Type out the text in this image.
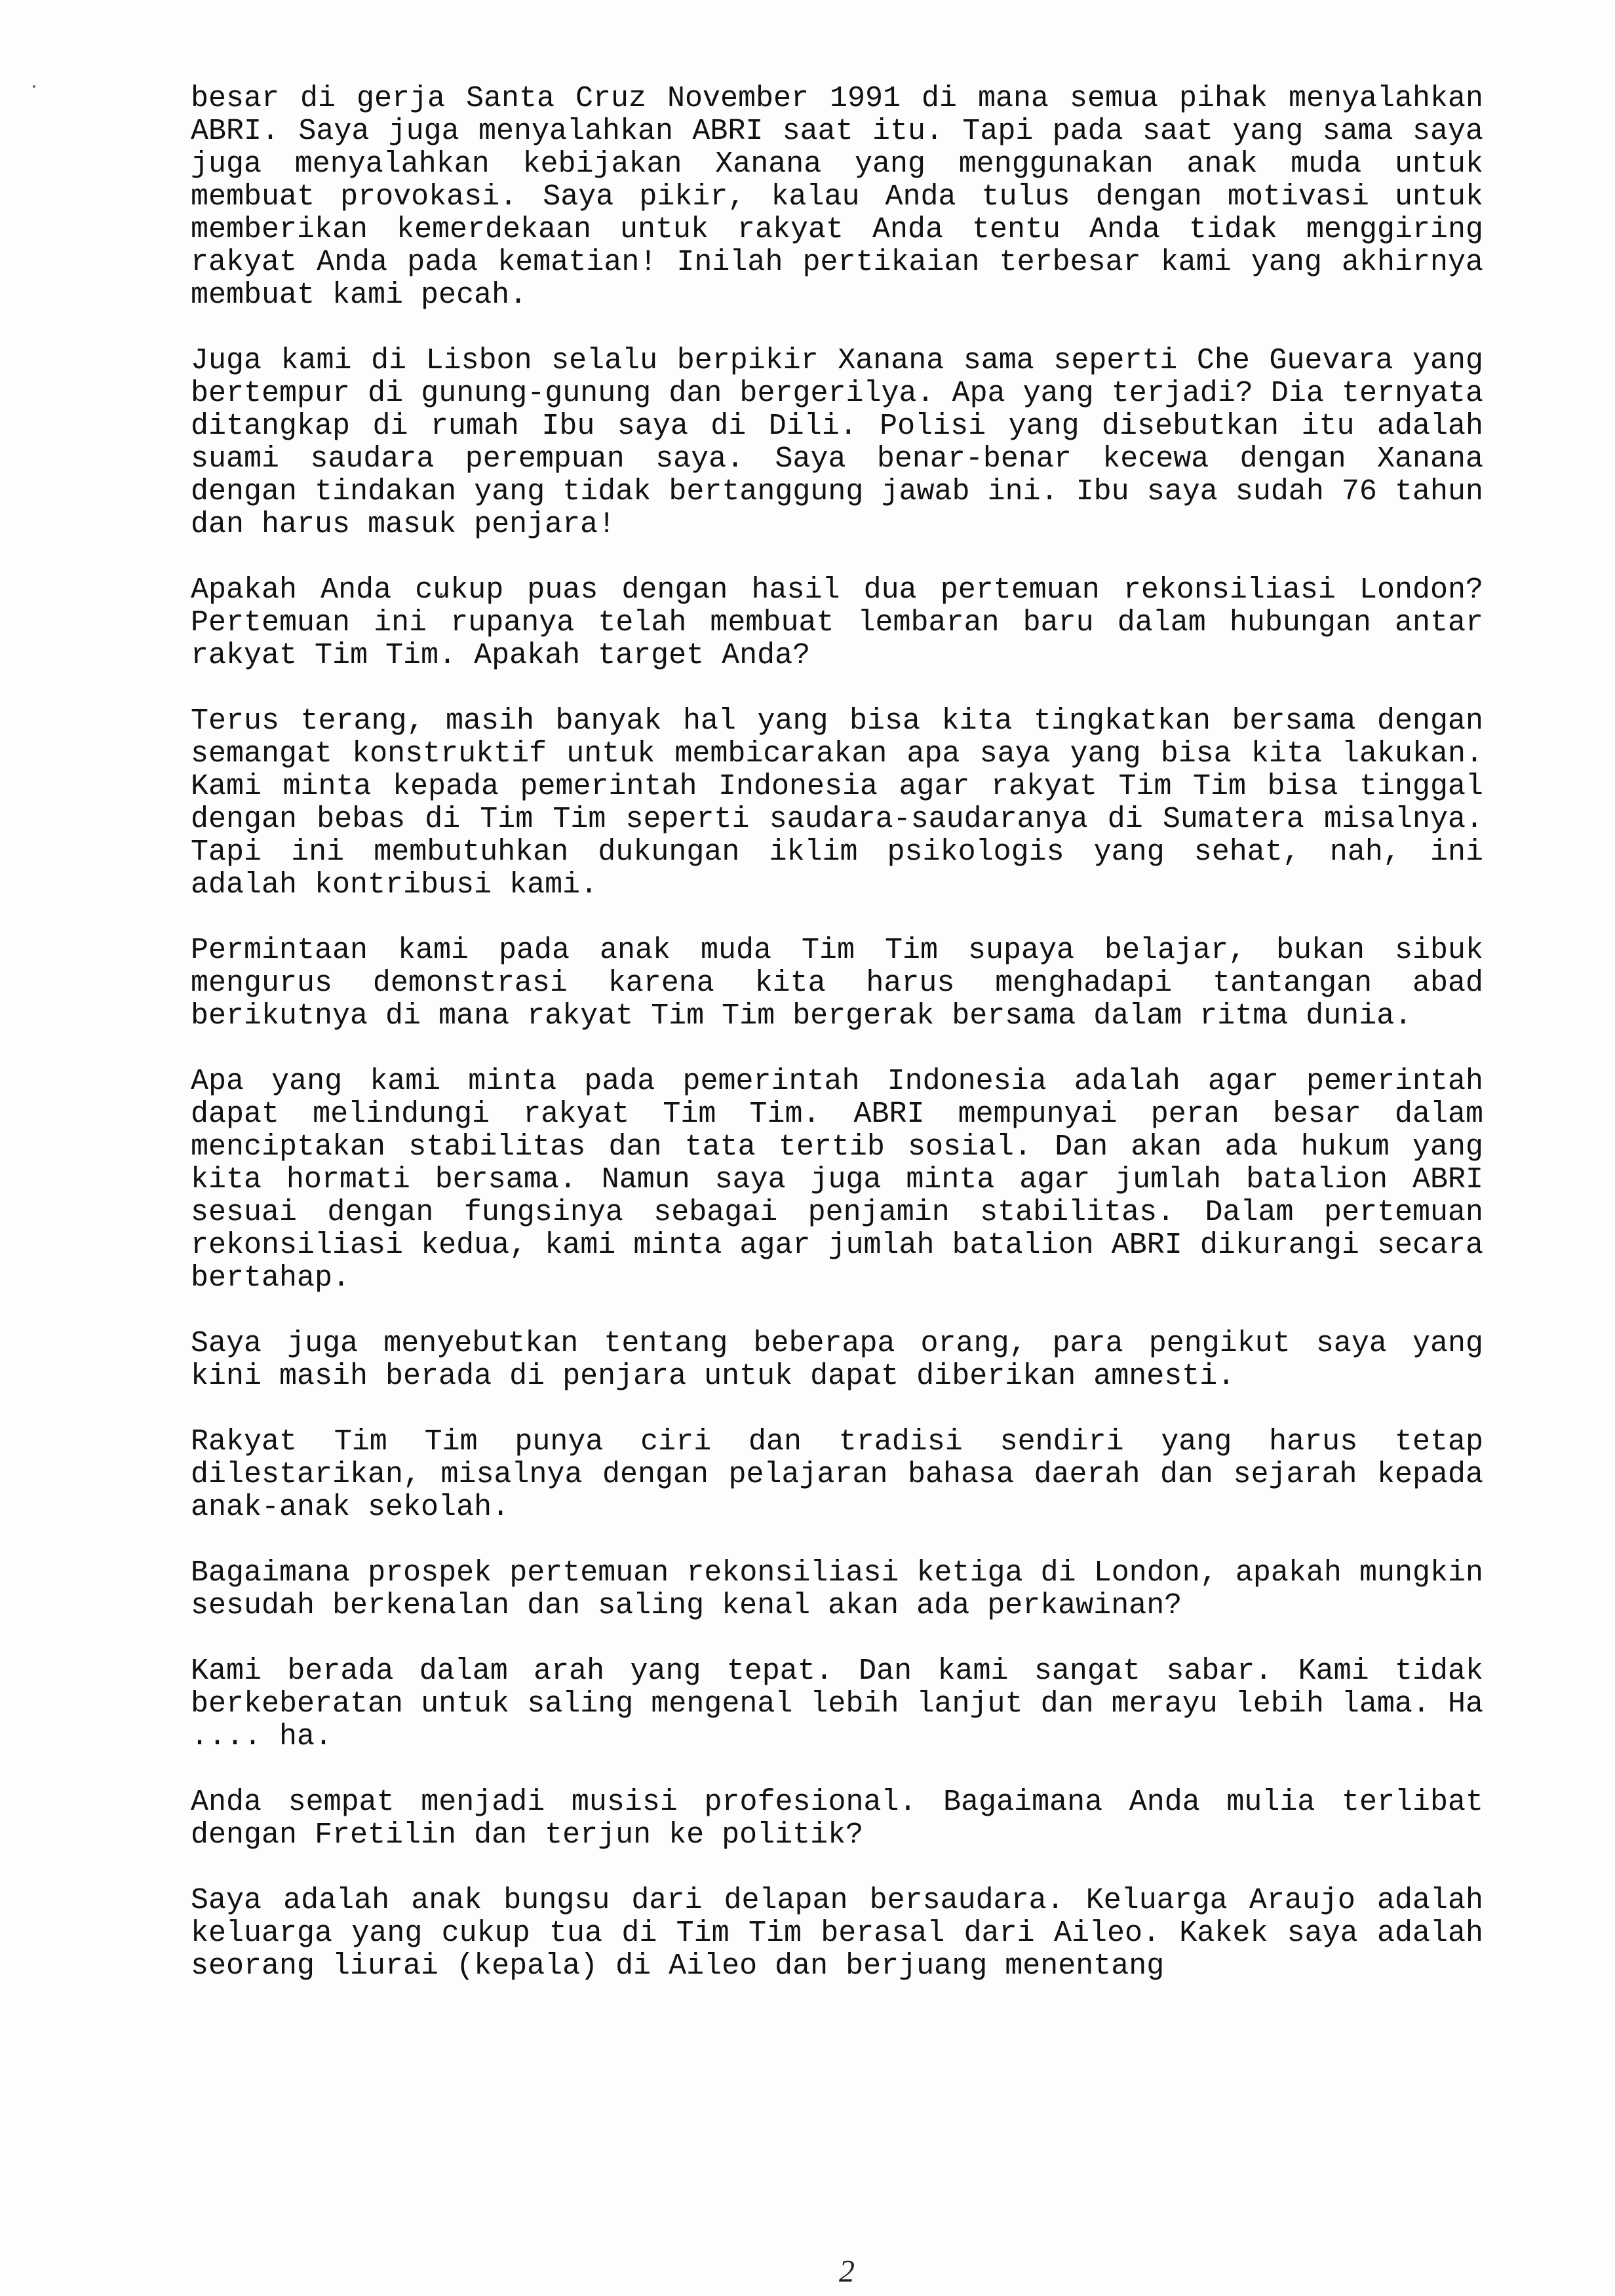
besar di gerja Santa Cruz November 1991 di mana semua pihak menyalahkan ABRI. Saya juga menyalahkan ABRI saat itu. Tapi pada saat yang sama saya juga menyalahkan kebijakan Xanana yang menggunakan anak muda untuk membuat provokasi. Saya pikir, kalau Anda tulus dengan motivasi untuk memberikan kemerdekaan untuk rakyat Anda tentu Anda tidak menggiring rakyat Anda pada kematian! Inilah pertikaian terbesar kami yang akhirnya membuat kami pecah.

Juga kami di Lisbon selalu berpikir Xanana sama seperti Che Guevara yang bertempur di gunung-gunung dan bergerilya. Apa yang terjadi? Dia ternyata ditangkap di rumah Ibu saya di Dili. Polisi yang disebutkan itu adalah suami saudara perempuan saya. Saya benar-benar kecewa dengan Xanana dengan tindakan yang tidak bertanggung jawab ini. Ibu saya sudah 76 tahun dan harus masuk penjara!

Apakah Anda cukup puas dengan hasil dua pertemuan rekonsiliasi London? Pertemuan ini rupanya telah membuat lembaran baru dalam hubungan antar rakyat Tim Tim. Apakah target Anda?

Terus terang, masih banyak hal yang bisa kita tingkatkan bersama dengan semangat konstruktif untuk membicarakan apa saya yang bisa kita lakukan. Kami minta kepada pemerintah Indonesia agar rakyat Tim Tim bisa tinggal dengan bebas di Tim Tim seperti saudara-saudaranya di Sumatera misalnya. Tapi ini membutuhkan dukungan iklim psikologis yang sehat, nah, ini adalah kontribusi kami.

Permintaan kami pada anak muda Tim Tim supaya belajar, bukan sibuk mengurus demonstrasi karena kita harus menghadapi tantangan abad berikutnya di mana rakyat Tim Tim bergerak bersama dalam ritma dunia.

Apa yang kami minta pada pemerintah Indonesia adalah agar pemerintah dapat melindungi rakyat Tim Tim. ABRI mempunyai peran besar dalam menciptakan stabilitas dan tata tertib sosial. Dan akan ada hukum yang kita hormati bersama. Namun saya juga minta agar jumlah batalion ABRI sesuai dengan fungsinya sebagai penjamin stabilitas. Dalam pertemuan rekonsiliasi kedua, kami minta agar jumlah batalion ABRI dikurangi secara bertahap.

Saya juga menyebutkan tentang beberapa orang, para pengikut saya yang kini masih berada di penjara untuk dapat diberikan amnesti.

Rakyat Tim Tim punya ciri dan tradisi sendiri yang harus tetap dilestarikan, misalnya dengan pelajaran bahasa daerah dan sejarah kepada anak-anak sekolah.

Bagaimana prospek pertemuan rekonsiliasi ketiga di London, apakah mungkin sesudah berkenalan dan saling kenal akan ada perkawinan?

Kami berada dalam arah yang tepat. Dan kami sangat sabar. Kami tidak berkeberatan untuk saling mengenal lebih lanjut dan merayu lebih lama. Ha .... ha.

Anda sempat menjadi musisi profesional. Bagaimana Anda mulia terlibat dengan Fretilin dan terjun ke politik?

Saya adalah anak bungsu dari delapan bersaudara. Keluarga Araujo adalah keluarga yang cukup tua di Tim Tim berasal dari Aileo. Kakek saya adalah seorang liurai (kepala) di Aileo dan berjuang menentang

2
